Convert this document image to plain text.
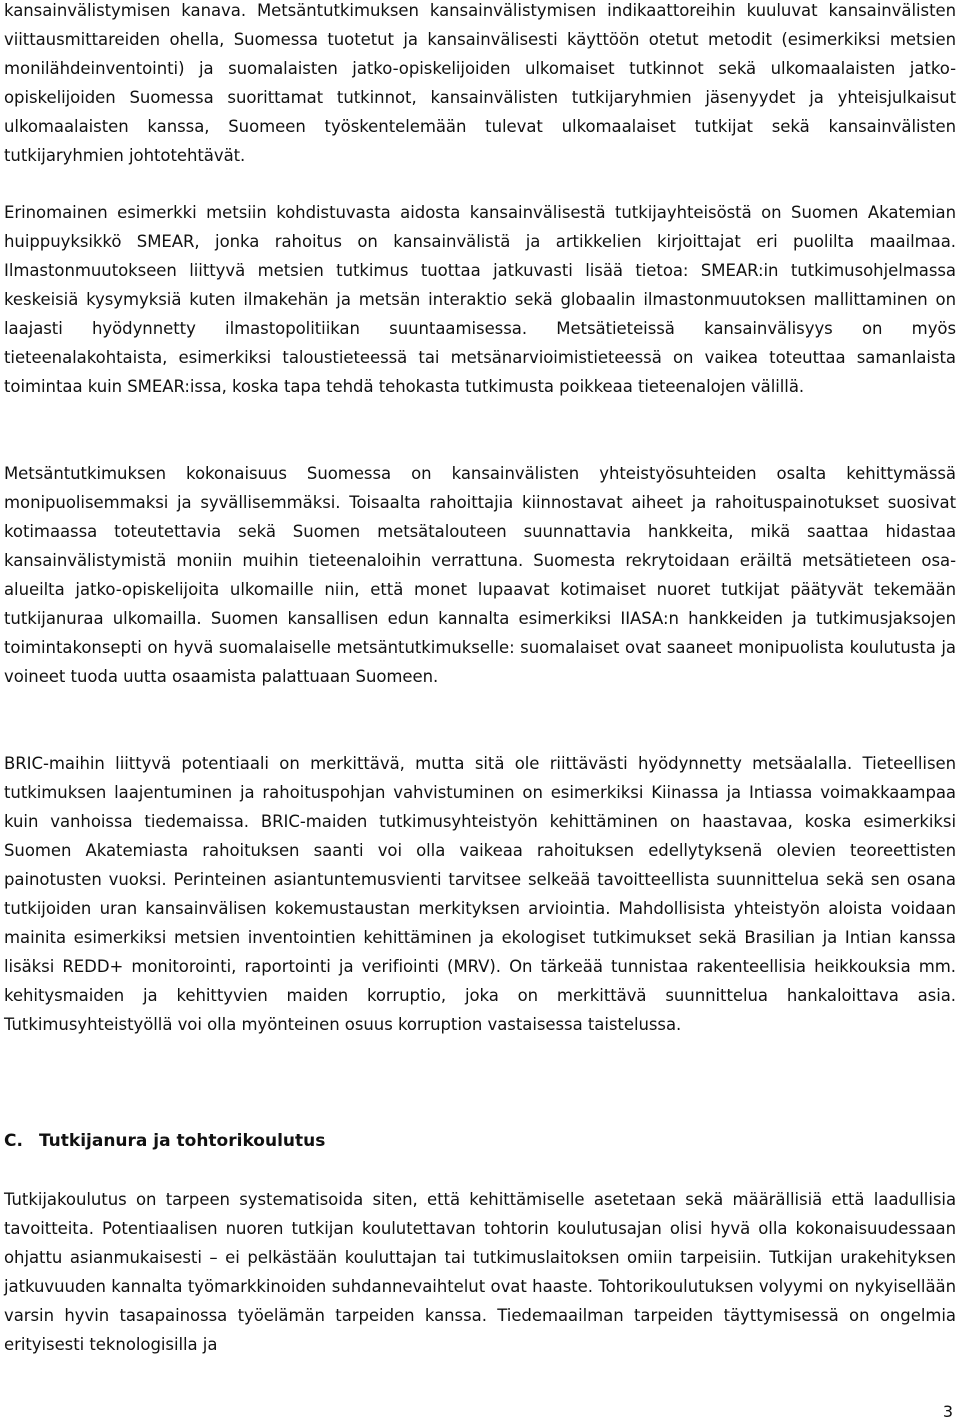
kansainvälistymisen kanava. Metsäntutkimuksen kansainvälistymisen indikaattoreihin kuuluvat kansainvälisten viittausmittareiden ohella, Suomessa tuotetut ja kansainvälisesti käyttöön otetut metodit (esimerkiksi metsien monilähdeinventointi) ja suomalaisten jatko-opiskelijoiden ulkomaiset tutkinnot sekä ulkomaalaisten jatko-opiskelijoiden Suomessa suorittamat tutkinnot, kansainvälisten tutkijaryhmien jäsenyydet ja yhteisjulkaisut ulkomaalaisten kanssa, Suomeen työskentelemään tulevat ulkomaalaiset tutkijat sekä kansainvälisten tutkijaryhmien johtotehtävät.

Erinomainen esimerkki metsiin kohdistuvasta aidosta kansainvälisestä tutkijayhteisöstä on Suomen Akatemian huippuyksikkö SMEAR, jonka rahoitus on kansainvälistä ja artikkelien kirjoittajat eri puolilta maailmaa. Ilmastonmuutokseen liittyvä metsien tutkimus tuottaa jatkuvasti lisää tietoa: SMEAR:in tutkimusohjelmassa keskeisiä kysymyksiä kuten ilmakehän ja metsän interaktio sekä globaalin ilmastonmuutoksen mallittaminen on laajasti hyödynnetty ilmastopolitiikan suuntaamisessa. Metsätieteissä kansainvälisyys on myös tieteenalakohtaista, esimerkiksi taloustieteessä tai metsänarvioimistieteessä on vaikea toteuttaa samanlaista toimintaa kuin SMEAR:issa, koska tapa tehdä tehokasta tutkimusta poikkeaa tieteenalojen välillä.

Metsäntutkimuksen kokonaisuus Suomessa on kansainvälisten yhteistyösuhteiden osalta kehittymässä monipuolisemmaksi ja syvällisemmäksi. Toisaalta rahoittajia kiinnostavat aiheet ja rahoituspainotukset suosivat kotimaassa toteutettavia sekä Suomen metsätalouteen suunnattavia hankkeita, mikä saattaa hidastaa kansainvälistymistä moniin muihin tieteenaloihin verrattuna. Suomesta rekrytoidaan eräiltä metsätieteen osa-alueilta jatko-opiskelijoita ulkomaille niin, että monet lupaavat kotimaiset nuoret tutkijat päätyvät tekemään tutkijanuraa ulkomailla. Suomen kansallisen edun kannalta esimerkiksi IIASA:n hankkeiden ja tutkimusjaksojen toimintakonsepti on hyvä suomalaiselle metsäntutkimukselle: suomalaiset ovat saaneet monipuolista koulutusta ja voineet tuoda uutta osaamista palattuaan Suomeen.

BRIC-maihin liittyvä potentiaali on merkittävä, mutta sitä ole riittävästi hyödynnetty metsäalalla. Tieteellisen tutkimuksen laajentuminen ja rahoituspohjan vahvistuminen on esimerkiksi Kiinassa ja Intiassa voimakkaampaa kuin vanhoissa tiedemaissa. BRIC-maiden tutkimusyhteistyön kehittäminen on haastavaa, koska esimerkiksi Suomen Akatemiasta rahoituksen saanti voi olla vaikeaa rahoituksen edellytyksenä olevien teoreettisten painotusten vuoksi. Perinteinen asiantuntemusvienti tarvitsee selkeää tavoitteellista suunnittelua sekä sen osana tutkijoiden uran kansainvälisen kokemustaustan merkityksen arviointia. Mahdollisista yhteistyön aloista voidaan mainita esimerkiksi metsien inventointien kehittäminen ja ekologiset tutkimukset sekä Brasilian ja Intian kanssa lisäksi REDD+ monitorointi, raportointi ja verifiointi (MRV). On tärkeää tunnistaa rakenteellisia heikkouksia mm. kehitysmaiden ja kehittyvien maiden korruptio, joka on merkittävä suunnittelua hankaloittava asia. Tutkimusyhteistyöllä voi olla myönteinen osuus korruption vastaisessa taistelussa.

C. Tutkijanura ja tohtorikoulutus

Tutkijakoulutus on tarpeen systematisoida siten, että kehittämiselle asetetaan sekä määrällisiä että laadullisia tavoitteita. Potentiaalisen nuoren tutkijan koulutettavan tohtorin koulutusajan olisi hyvä olla kokonaisuudessaan ohjattu asianmukaisesti – ei pelkästään kouluttajan tai tutkimuslaitoksen omiin tarpeisiin. Tutkijan urakehityksen jatkuvuuden kannalta työmarkkinoiden suhdannevaihtelut ovat haaste. Tohtorikoulutuksen volyymi on nykyisellään varsin hyvin tasapainossa työelämän tarpeiden kanssa. Tiedemaailman tarpeiden täyttymisessä on ongelmia erityisesti teknologisilla ja

3
